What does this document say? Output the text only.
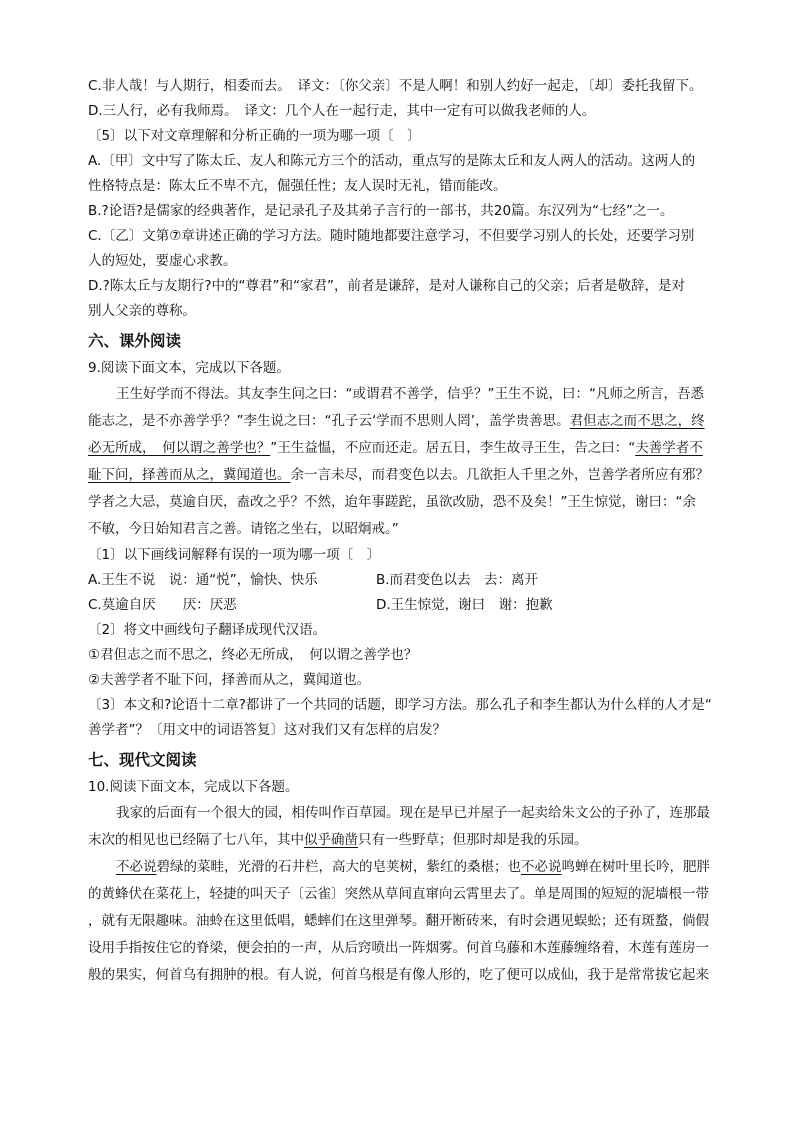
C.非人哉！与人期行，相委而去。　译文：〔你父亲〕不是人啊！和别人约好一起走，〔却〕委托我留下。
D.三人行，必有我师焉。　译文：几个人在一起行走，其中一定有可以做我老师的人。
〔5〕以下对文章理解和分析正确的一项为哪一项〔　〕
A.〔甲〕文中写了陈太丘、友人和陈元方三个的活动，重点写的是陈太丘和友人两人的活动。这两人的
性格特点是：陈太丘不卑不亢，倔强任性；友人误时无礼，错而能改。
B.?论语?是儒家的经典著作，是记录孔子及其弟子言行的一部书，共20篇。东汉列为“七经”之一。
C.〔乙〕文第⑦章讲述正确的学习方法。随时随地都要注意学习，不但要学习别人的长处，还要学习别
人的短处，要虚心求教。
D.?陈太丘与友期行?中的“尊君”和“家君”，前者是谦辞，是对人谦称自己的父亲；后者是敬辞，是对
别人父亲的尊称。
六、课外阅读
9.阅读下面文本，完成以下各题。
王生好学而不得法。其友李生问之曰：“或谓君不善学，信乎？”王生不说，曰：“凡师之所言，吾悉
能志之，是不亦善学乎？”李生说之曰：“孔子云‘学而不思则人罔’，盖学贵善思。君但志之而不思之，终
必无所成，　何以谓之善学也？”王生益愠，不应而还走。居五日，李生故寻王生，告之曰：“夫善学者不
耻下问，择善而从之，冀闻道也。余一言未尽，而君变色以去。几欲拒人千里之外，岂善学者所应有邪？
学者之大忌，莫逾自厌，盍改之乎？不然，迨年事蹉跎，虽欲改励，恐不及矣！”王生惊觉，谢曰：“余
不敏，今日始知君言之善。请铭之坐右，以昭炯戒。”
〔1〕以下画线词解释有误的一项为哪一项〔　〕
A.王生不说　说：通“悦”，愉快、快乐	B.而君变色以去　去：离开
C.莫逾自厌　　厌：厌恶	D.王生惊觉，谢曰　谢：抱歉
〔2〕将文中画线句子翻译成现代汉语。
①君但志之而不思之，终必无所成，　何以谓之善学也？
②夫善学者不耻下问，择善而从之，冀闻道也。
〔3〕本文和?论语十二章?都讲了一个共同的话题，即学习方法。那么孔子和李生都认为什么样的人才是“
善学者”？〔用文中的词语答复〕这对我们又有怎样的启发？
七、现代文阅读
10.阅读下面文本，完成以下各题。
我家的后面有一个很大的园，相传叫作百草园。现在是早已并屋子一起卖给朱文公的子孙了，连那最
末次的相见也已经隔了七八年，其中似乎确凿只有一些野草；但那时却是我的乐园。
不必说碧绿的菜畦，光滑的石井栏，高大的皂荚树，紫红的桑椹；也不必说鸣蝉在树叶里长吟，肥胖
的黄蜂伏在菜花上，轻捷的叫天子〔云雀〕突然从草间直窜向云霄里去了。单是周围的短短的泥墙根一带
，就有无限趣味。油蛉在这里低唱，蟋蟀们在这里弹琴。翻开断砖来，有时会遇见蜈蚣；还有斑蝥，倘假
设用手指按住它的脊梁，便会拍的一声，从后窍喷出一阵烟雾。何首乌藤和木莲藤缠络着，木莲有莲房一
般的果实，何首乌有拥肿的根。有人说，何首乌根是有像人形的，吃了便可以成仙，我于是常常拔它起来
